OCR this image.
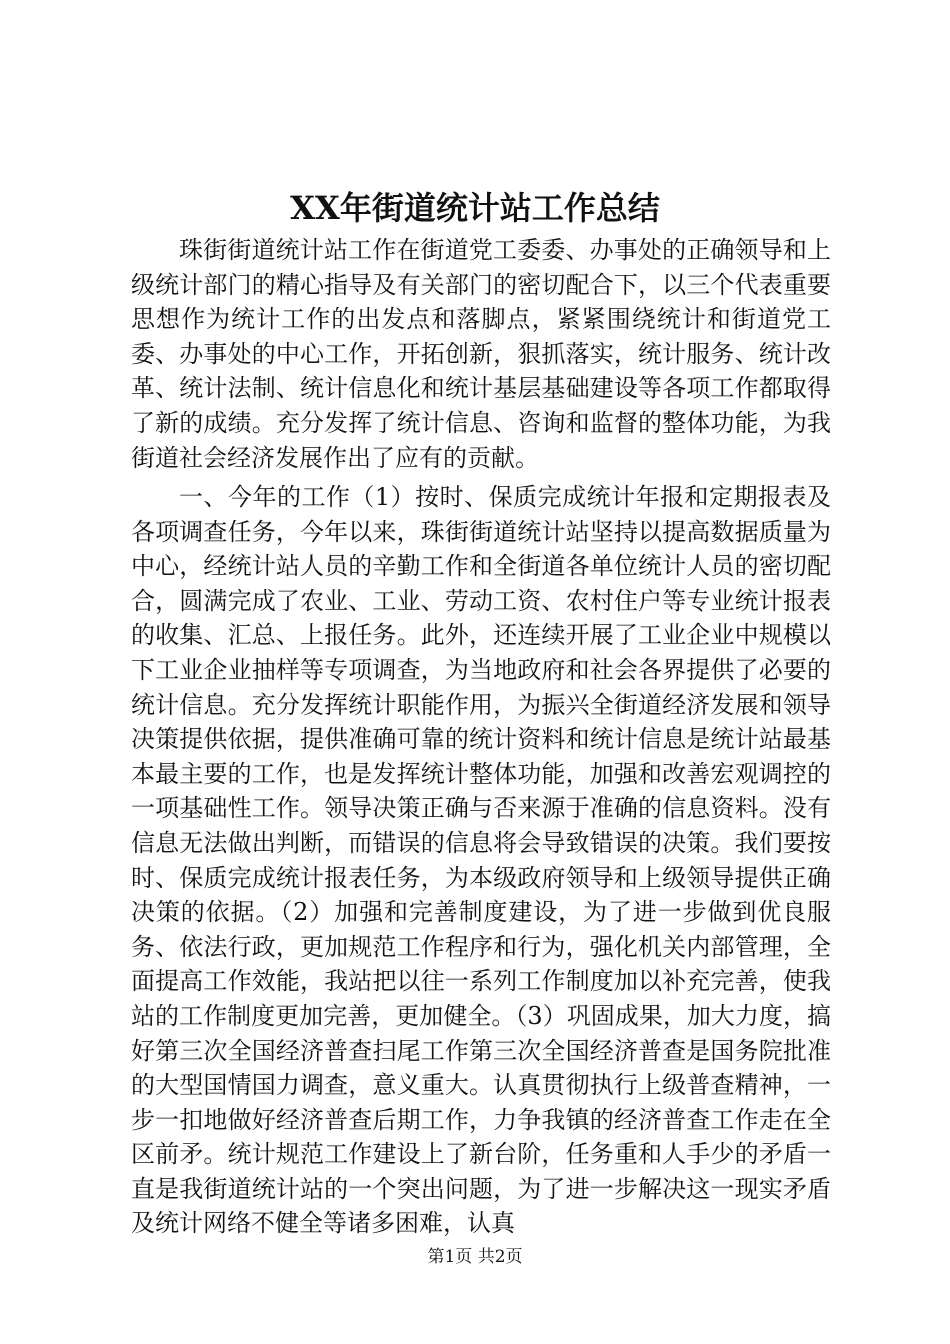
XX年街道统计站工作总结

珠街街道统计站工作在街道党工委委、办事处的正确领导和上级统计部门的精心指导及有关部门的密切配合下，以三个代表重要思想作为统计工作的出发点和落脚点，紧紧围绕统计和街道党工委、办事处的中心工作，开拓创新，狠抓落实，统计服务、统计改革、统计法制、统计信息化和统计基层基础建设等各项工作都取得了新的成绩。充分发挥了统计信息、咨询和监督的整体功能，为我街道社会经济发展作出了应有的贡献。

一、今年的工作（1）按时、保质完成统计年报和定期报表及各项调查任务，今年以来，珠街街道统计站坚持以提高数据质量为中心，经统计站人员的辛勤工作和全街道各单位统计人员的密切配合，圆满完成了农业、工业、劳动工资、农村住户等专业统计报表的收集、汇总、上报任务。此外，还连续开展了工业企业中规模以下工业企业抽样等专项调查，为当地政府和社会各界提供了必要的统计信息。充分发挥统计职能作用，为振兴全街道经济发展和领导决策提供依据，提供准确可靠的统计资料和统计信息是统计站最基本最主要的工作，也是发挥统计整体功能，加强和改善宏观调控的一项基础性工作。领导决策正确与否来源于准确的信息资料。没有信息无法做出判断，而错误的信息将会导致错误的决策。我们要按时、保质完成统计报表任务，为本级政府领导和上级领导提供正确决策的依据。（2）加强和完善制度建设，为了进一步做到优良服务、依法行政，更加规范工作程序和行为，强化机关内部管理，全面提高工作效能，我站把以往一系列工作制度加以补充完善，使我站的工作制度更加完善，更加健全。（3）巩固成果，加大力度，搞好第三次全国经济普查扫尾工作第三次全国经济普查是国务院批准的大型国情国力调查，意义重大。认真贯彻执行上级普查精神，一步一扣地做好经济普查后期工作，力争我镇的经济普查工作走在全区前矛。统计规范工作建设上了新台阶，任务重和人手少的矛盾一直是我街道统计站的一个突出问题，为了进一步解决这一现实矛盾及统计网络不健全等诸多困难，认真

第1页 共2页
